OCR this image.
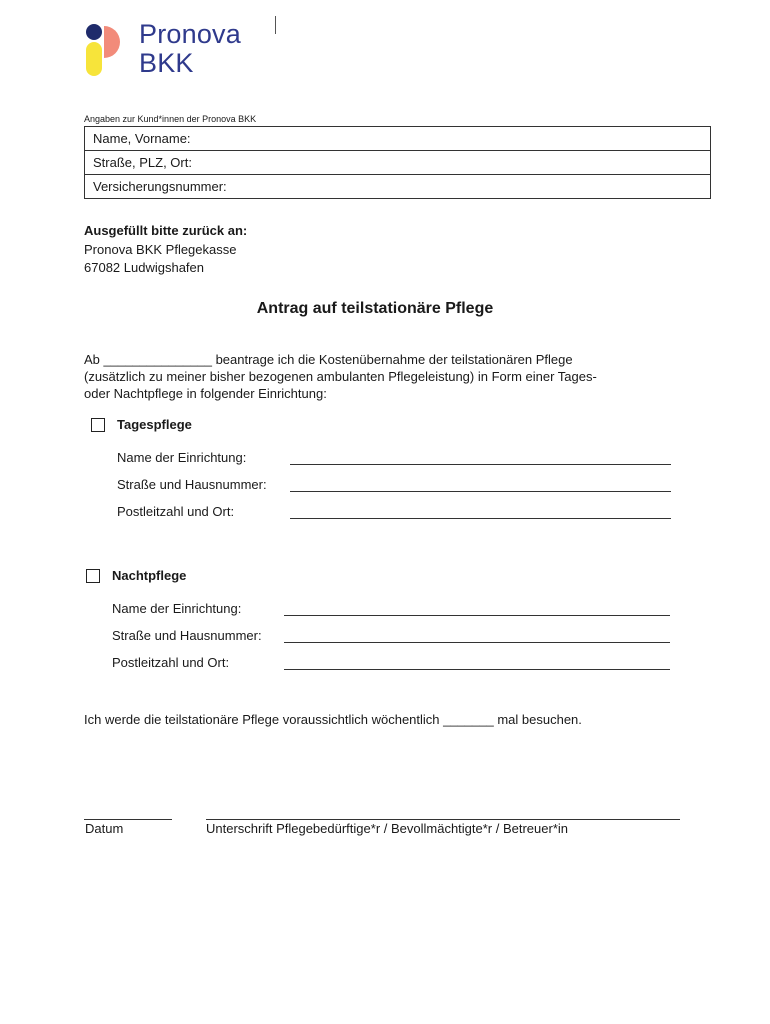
Pronova
BKK
Angaben zur Kund*innen der Pronova BKK
Name, Vorname:
Straße, PLZ, Ort:
Versicherungsnummer:
Ausgefüllt bitte zurück an:
Pronova BKK Pflegekasse
67082 Ludwigshafen
Antrag auf teilstationäre Pflege
Ab _______________ beantrage ich die Kostenübernahme der teilstationären Pflege
(zusätzlich zu meiner bisher bezogenen ambulanten Pflegeleistung) in Form einer Tages-
oder Nachtpflege in folgender Einrichtung:
Tagespflege
Name der Einrichtung:
Straße und Hausnummer:
Postleitzahl und Ort:
Nachtpflege
Name der Einrichtung:
Straße und Hausnummer:
Postleitzahl und Ort:
Ich werde die teilstationäre Pflege voraussichtlich wöchentlich _______ mal besuchen.
Datum	Unterschrift Pflegebedürftige*r / Bevollmächtigte*r / Betreuer*in
